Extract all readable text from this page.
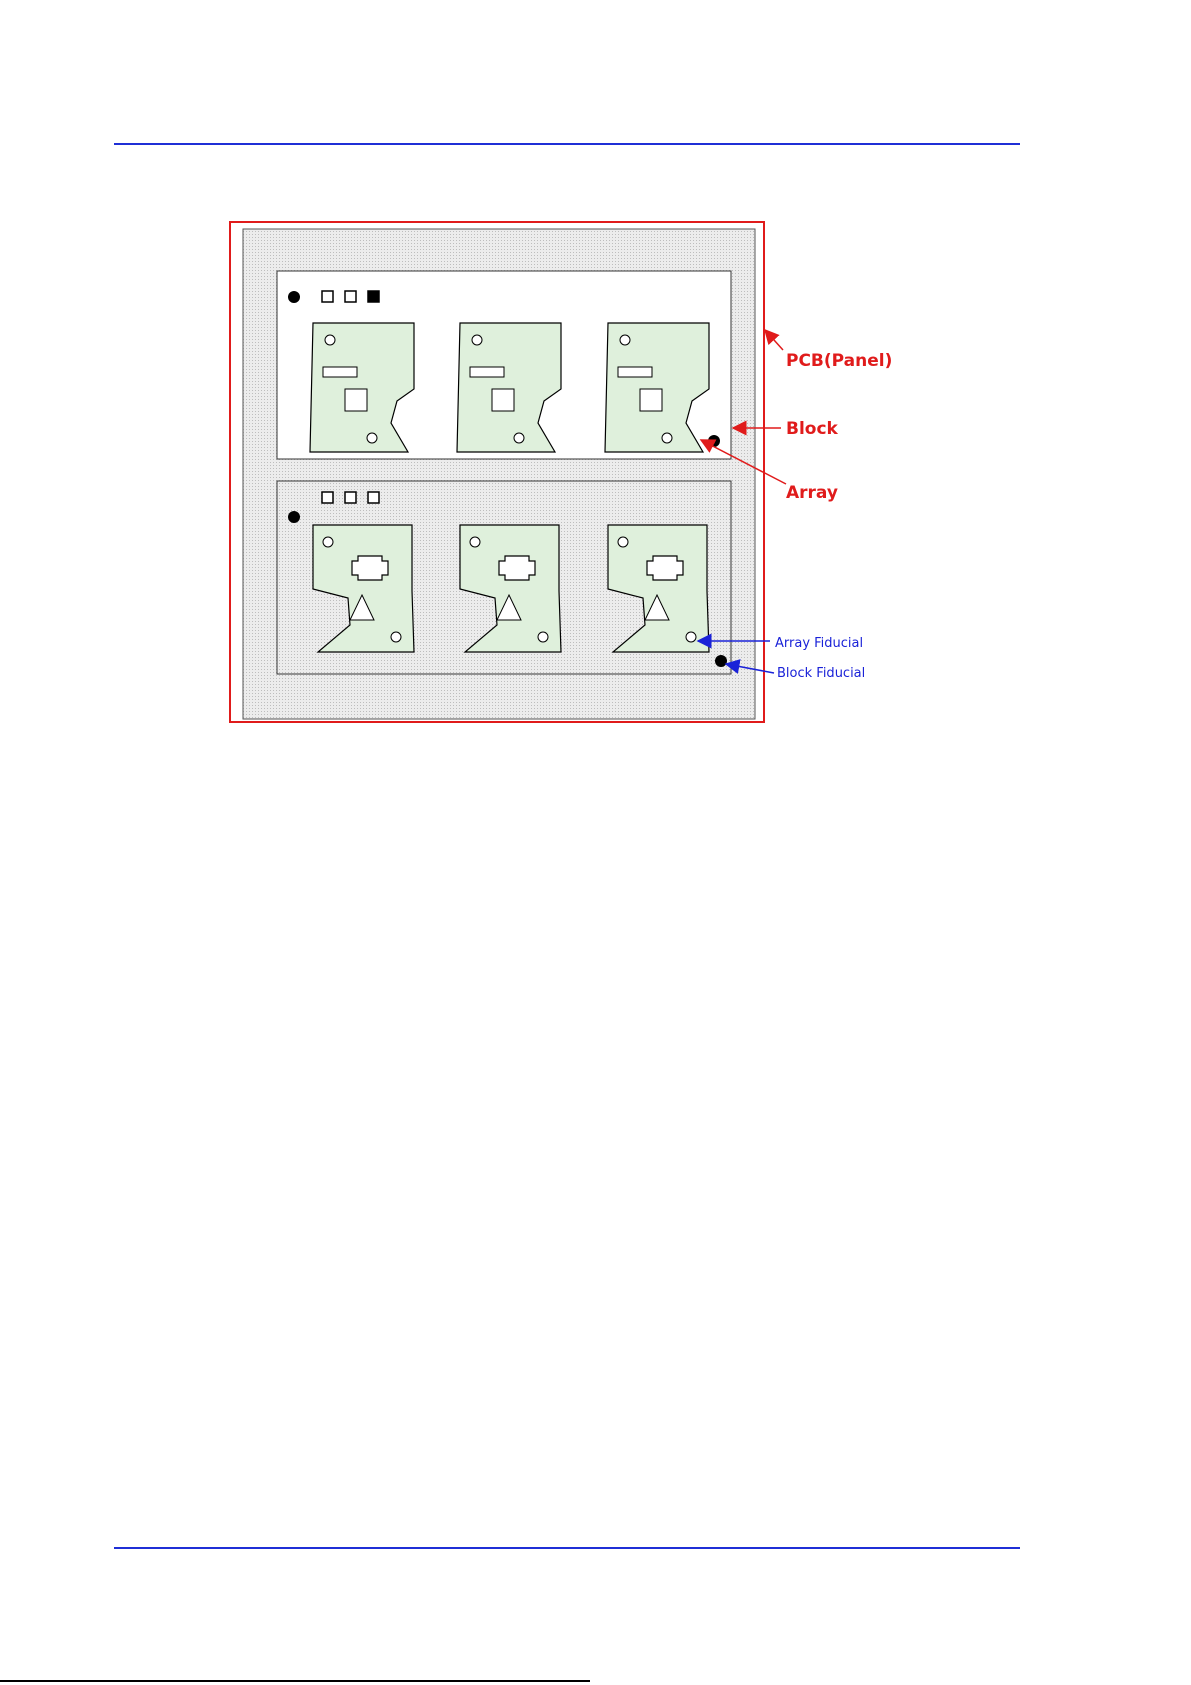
PCB(Panel)
Block
Array
Array Fiducial
Block Fiducial
